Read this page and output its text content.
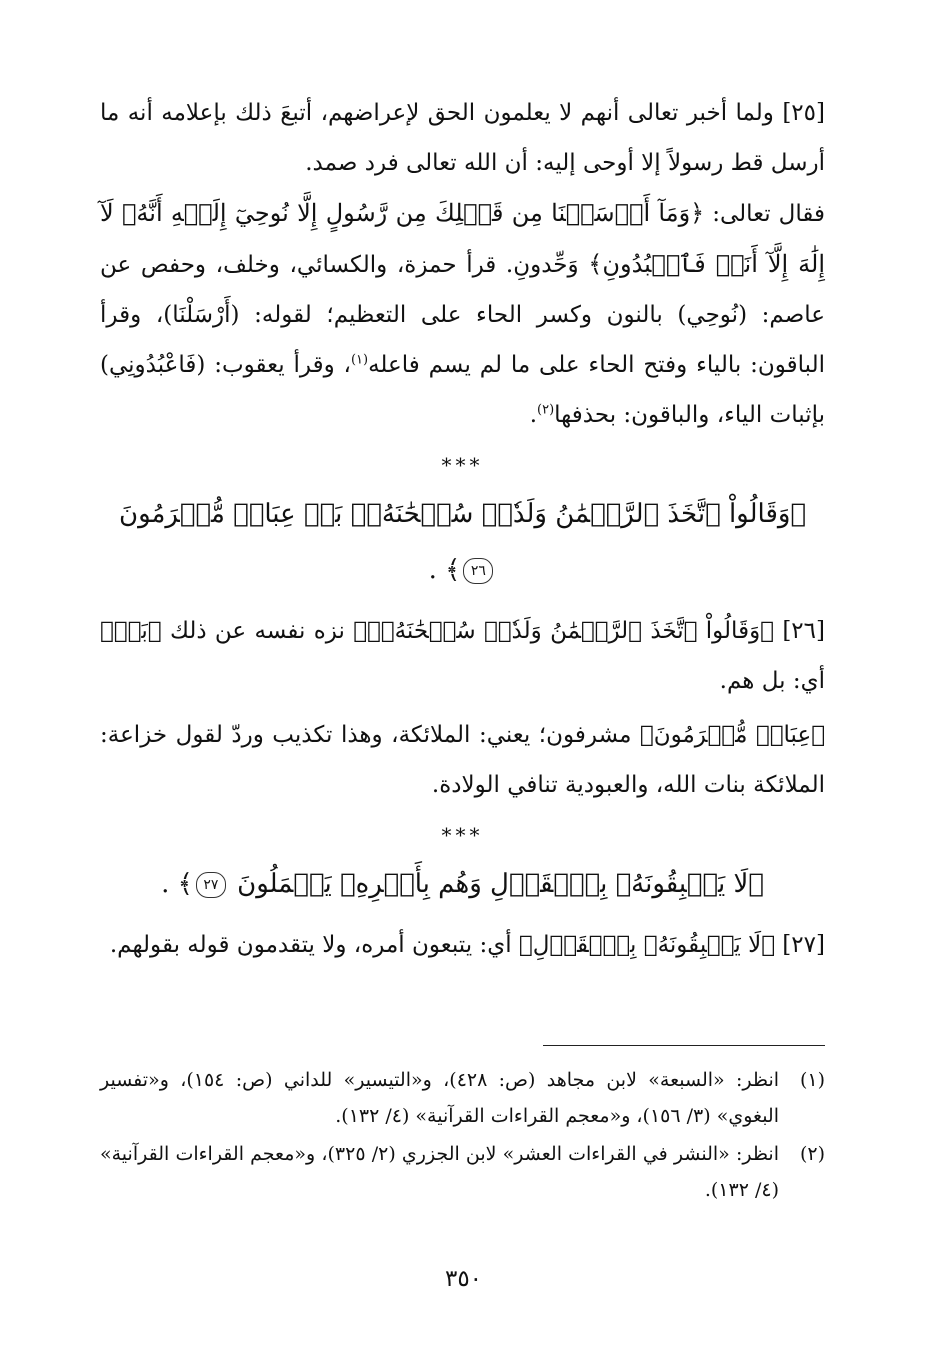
[٢٥] ولما أخبر تعالى أنهم لا يعلمون الحق لإعراضهم، أتبعَ ذلك بإعلامه أنه ما أرسل قط رسولاً إلا أوحى إليه: أن الله تعالى فرد صمد.

فقال تعالى: ﴿وَمَآ أَرۡسَلۡنَا مِن قَبۡلِكَ مِن رَّسُولٍ إِلَّا نُوحِيٓ إِلَيۡهِ أَنَّهُۥ لَآ إِلَٰهَ إِلَّآ أَنَا۠ فَٱعۡبُدُونِ﴾ وَحِّدونِ. قرأ حمزة، والكسائي، وخلف، وحفص عن عاصم: (نُوحِي) بالنون وكسر الحاء على التعظيم؛ لقوله: (أَرْسَلْنَا)، وقرأ الباقون: بالياء وفتح الحاء على ما لم يسم فاعله$^{(١)}$، وقرأ يعقوب: (فَاعْبُدُونِي) بإثبات الياء، والباقون: بحذفها$^{(٢)}$.

***
﴿وَقَالُواْ ٱتَّخَذَ ٱلرَّحۡمَٰنُ وَلَدٗاۗ سُبۡحَٰنَهُۥۚ بَلۡ عِبَادٞ مُّكۡرَمُونَ ٢٦﴾ .

[٢٦] ﴿وَقَالُواْ ٱتَّخَذَ ٱلرَّحۡمَٰنُ وَلَدٗاۗ سُبۡحَٰنَهُۥۚ﴾ نزه نفسه عن ذلك ﴿بَلۡ﴾ أي: بل هم.

﴿عِبَادٞ مُّكۡرَمُونَ﴾ مشرفون؛ يعني: الملائكة، وهذا تكذيب وردّ لقول خزاعة: الملائكة بنات الله، والعبودية تنافي الولادة.

***
﴿لَا يَسۡبِقُونَهُۥ بِٱلۡقَوۡلِ وَهُم بِأَمۡرِهِۦ يَعۡمَلُونَ ٢٧﴾ .

[٢٧] ﴿لَا يَسۡبِقُونَهُۥ بِٱلۡقَوۡلِ﴾ أي: يتبعون أمره، ولا يتقدمون قوله بقولهم.

(١)انظر: «السبعة» لابن مجاهد (ص: ٤٢٨)، و«التيسير» للداني (ص: ١٥٤)، و«تفسير البغوي» (٣/ ١٥٦)، و«معجم القراءات القرآنية» (٤/ ١٣٢).

(٢)انظر: «النشر في القراءات العشر» لابن الجزري (٢/ ٣٢٥)، و«معجم القراءات القرآنية» (٤/ ١٣٢).

٣٥٠
